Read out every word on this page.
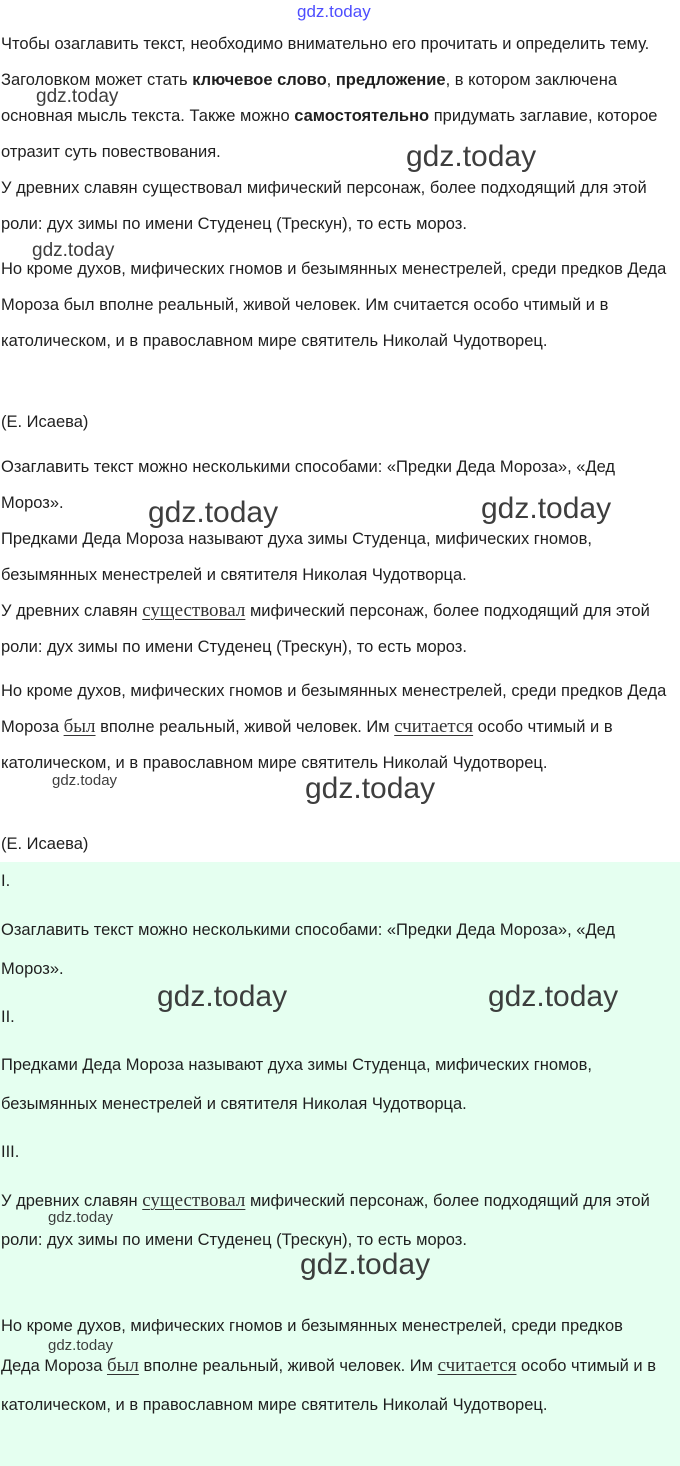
Чтобы озаглавить текст, необходимо внимательно его прочитать и определить тему. Заголовком может стать ключевое слово, предложение, в котором заключена основная мысль текста. Также можно самостоятельно придумать заглавие, которое отразит суть повествования.

У древних славян существовал мифический персонаж, более подходящий для этой роли: дух зимы по имени Студенец (Трескун), то есть мороз.

Но кроме духов, мифических гномов и безымянных менестрелей, среди предков Деда Мороза был вполне реальный, живой человек. Им считается особо чтимый и в католическом, и в православном мире святитель Николай Чудотворец.

(Е. Исаева)

Озаглавить текст можно несколькими способами: «Предки Деда Мороза», «Дед Мороз».

Предками Деда Мороза называют духа зимы Студенца, мифических гномов, безымянных менестрелей и святителя Николая Чудотворца.

У древних славян существовал мифический персонаж, более подходящий для этой роли: дух зимы по имени Студенец (Трескун), то есть мороз.

Но кроме духов, мифических гномов и безымянных менестрелей, среди предков Деда Мороза был вполне реальный, живой человек. Им считается особо чтимый и в католическом, и в православном мире святитель Николай Чудотворец.

(Е. Исаева)

I.

Озаглавить текст можно несколькими способами: «Предки Деда Мороза», «Дед Мороз».

II.

Предками Деда Мороза называют духа зимы Студенца, мифических гномов, безымянных менестрелей и святителя Николая Чудотворца.

III.

У древних славян существовал мифический персонаж, более подходящий для этой роли: дух зимы по имени Студенец (Трескун), то есть мороз.

Но кроме духов, мифических гномов и безымянных менестрелей, среди предков Деда Мороза был вполне реальный, живой человек. Им считается особо чтимый и в католическом, и в православном мире святитель Николай Чудотворец.

gdz.today
gdz.today
gdz.today
gdz.today
gdz.today	gdz.today
gdz.today	gdz.today
gdz.today	gdz.today
gdz.today
gdz.today
gdz.today
